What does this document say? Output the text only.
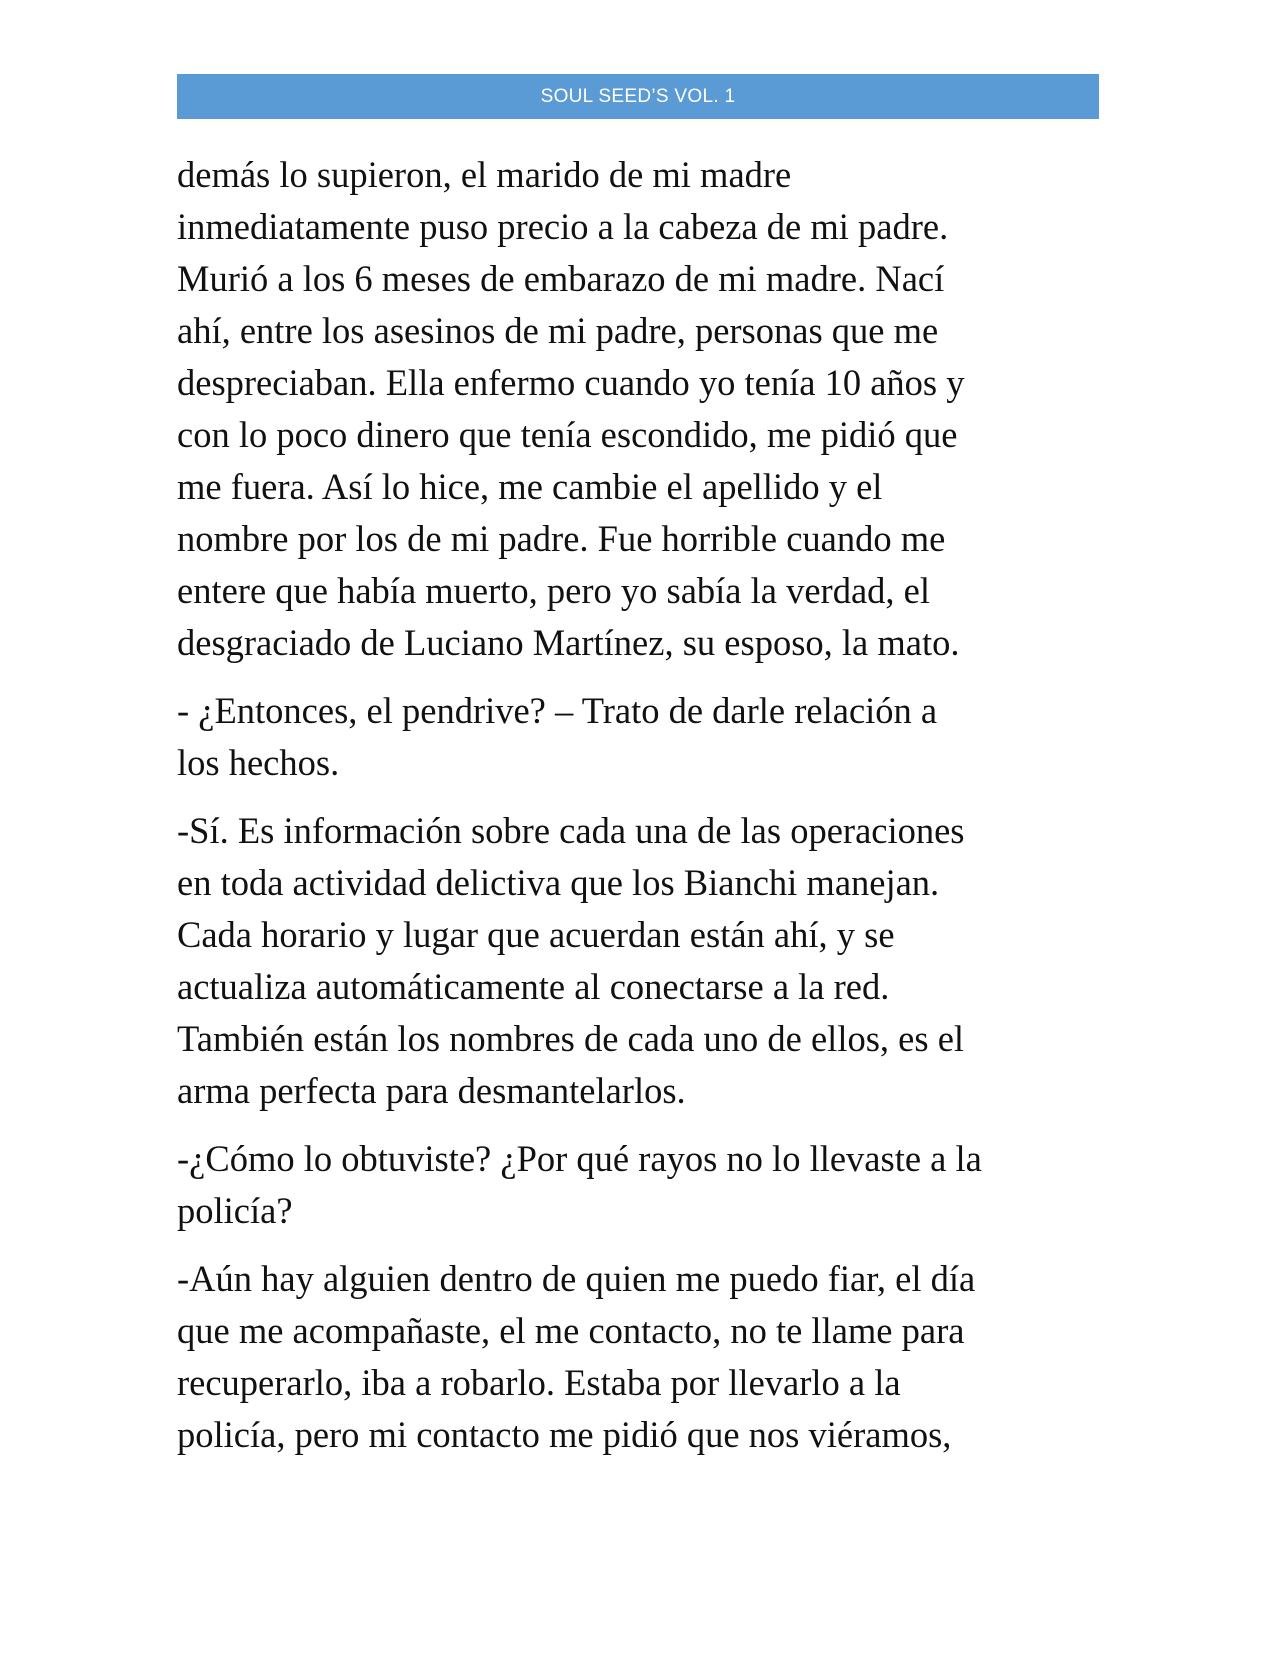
SOUL SEED’S VOL. 1

demás lo supieron, el marido de mi madre
inmediatamente puso precio a la cabeza de mi padre.
Murió a los 6 meses de embarazo de mi madre. Nací
ahí, entre los asesinos de mi padre, personas que me
despreciaban. Ella enfermo cuando yo tenía 10 años y
con lo poco dinero que tenía escondido, me pidió que
me fuera. Así lo hice, me cambie el apellido y el
nombre por los de mi padre. Fue horrible cuando me
entere que había muerto, pero yo sabía la verdad, el
desgraciado de Luciano Martínez, su esposo, la mato.

- ¿Entonces, el pendrive? – Trato de darle relación a
los hechos.

-Sí. Es información sobre cada una de las operaciones
en toda actividad delictiva que los Bianchi manejan.
Cada horario y lugar que acuerdan están ahí, y se
actualiza automáticamente al conectarse a la red.
También están los nombres de cada uno de ellos, es el
arma perfecta para desmantelarlos.

-¿Cómo lo obtuviste? ¿Por qué rayos no lo llevaste a la
policía?

-Aún hay alguien dentro de quien me puedo fiar, el día
que me acompañaste, el me contacto, no te llame para
recuperarlo, iba a robarlo. Estaba por llevarlo a la
policía, pero mi contacto me pidió que nos viéramos,
